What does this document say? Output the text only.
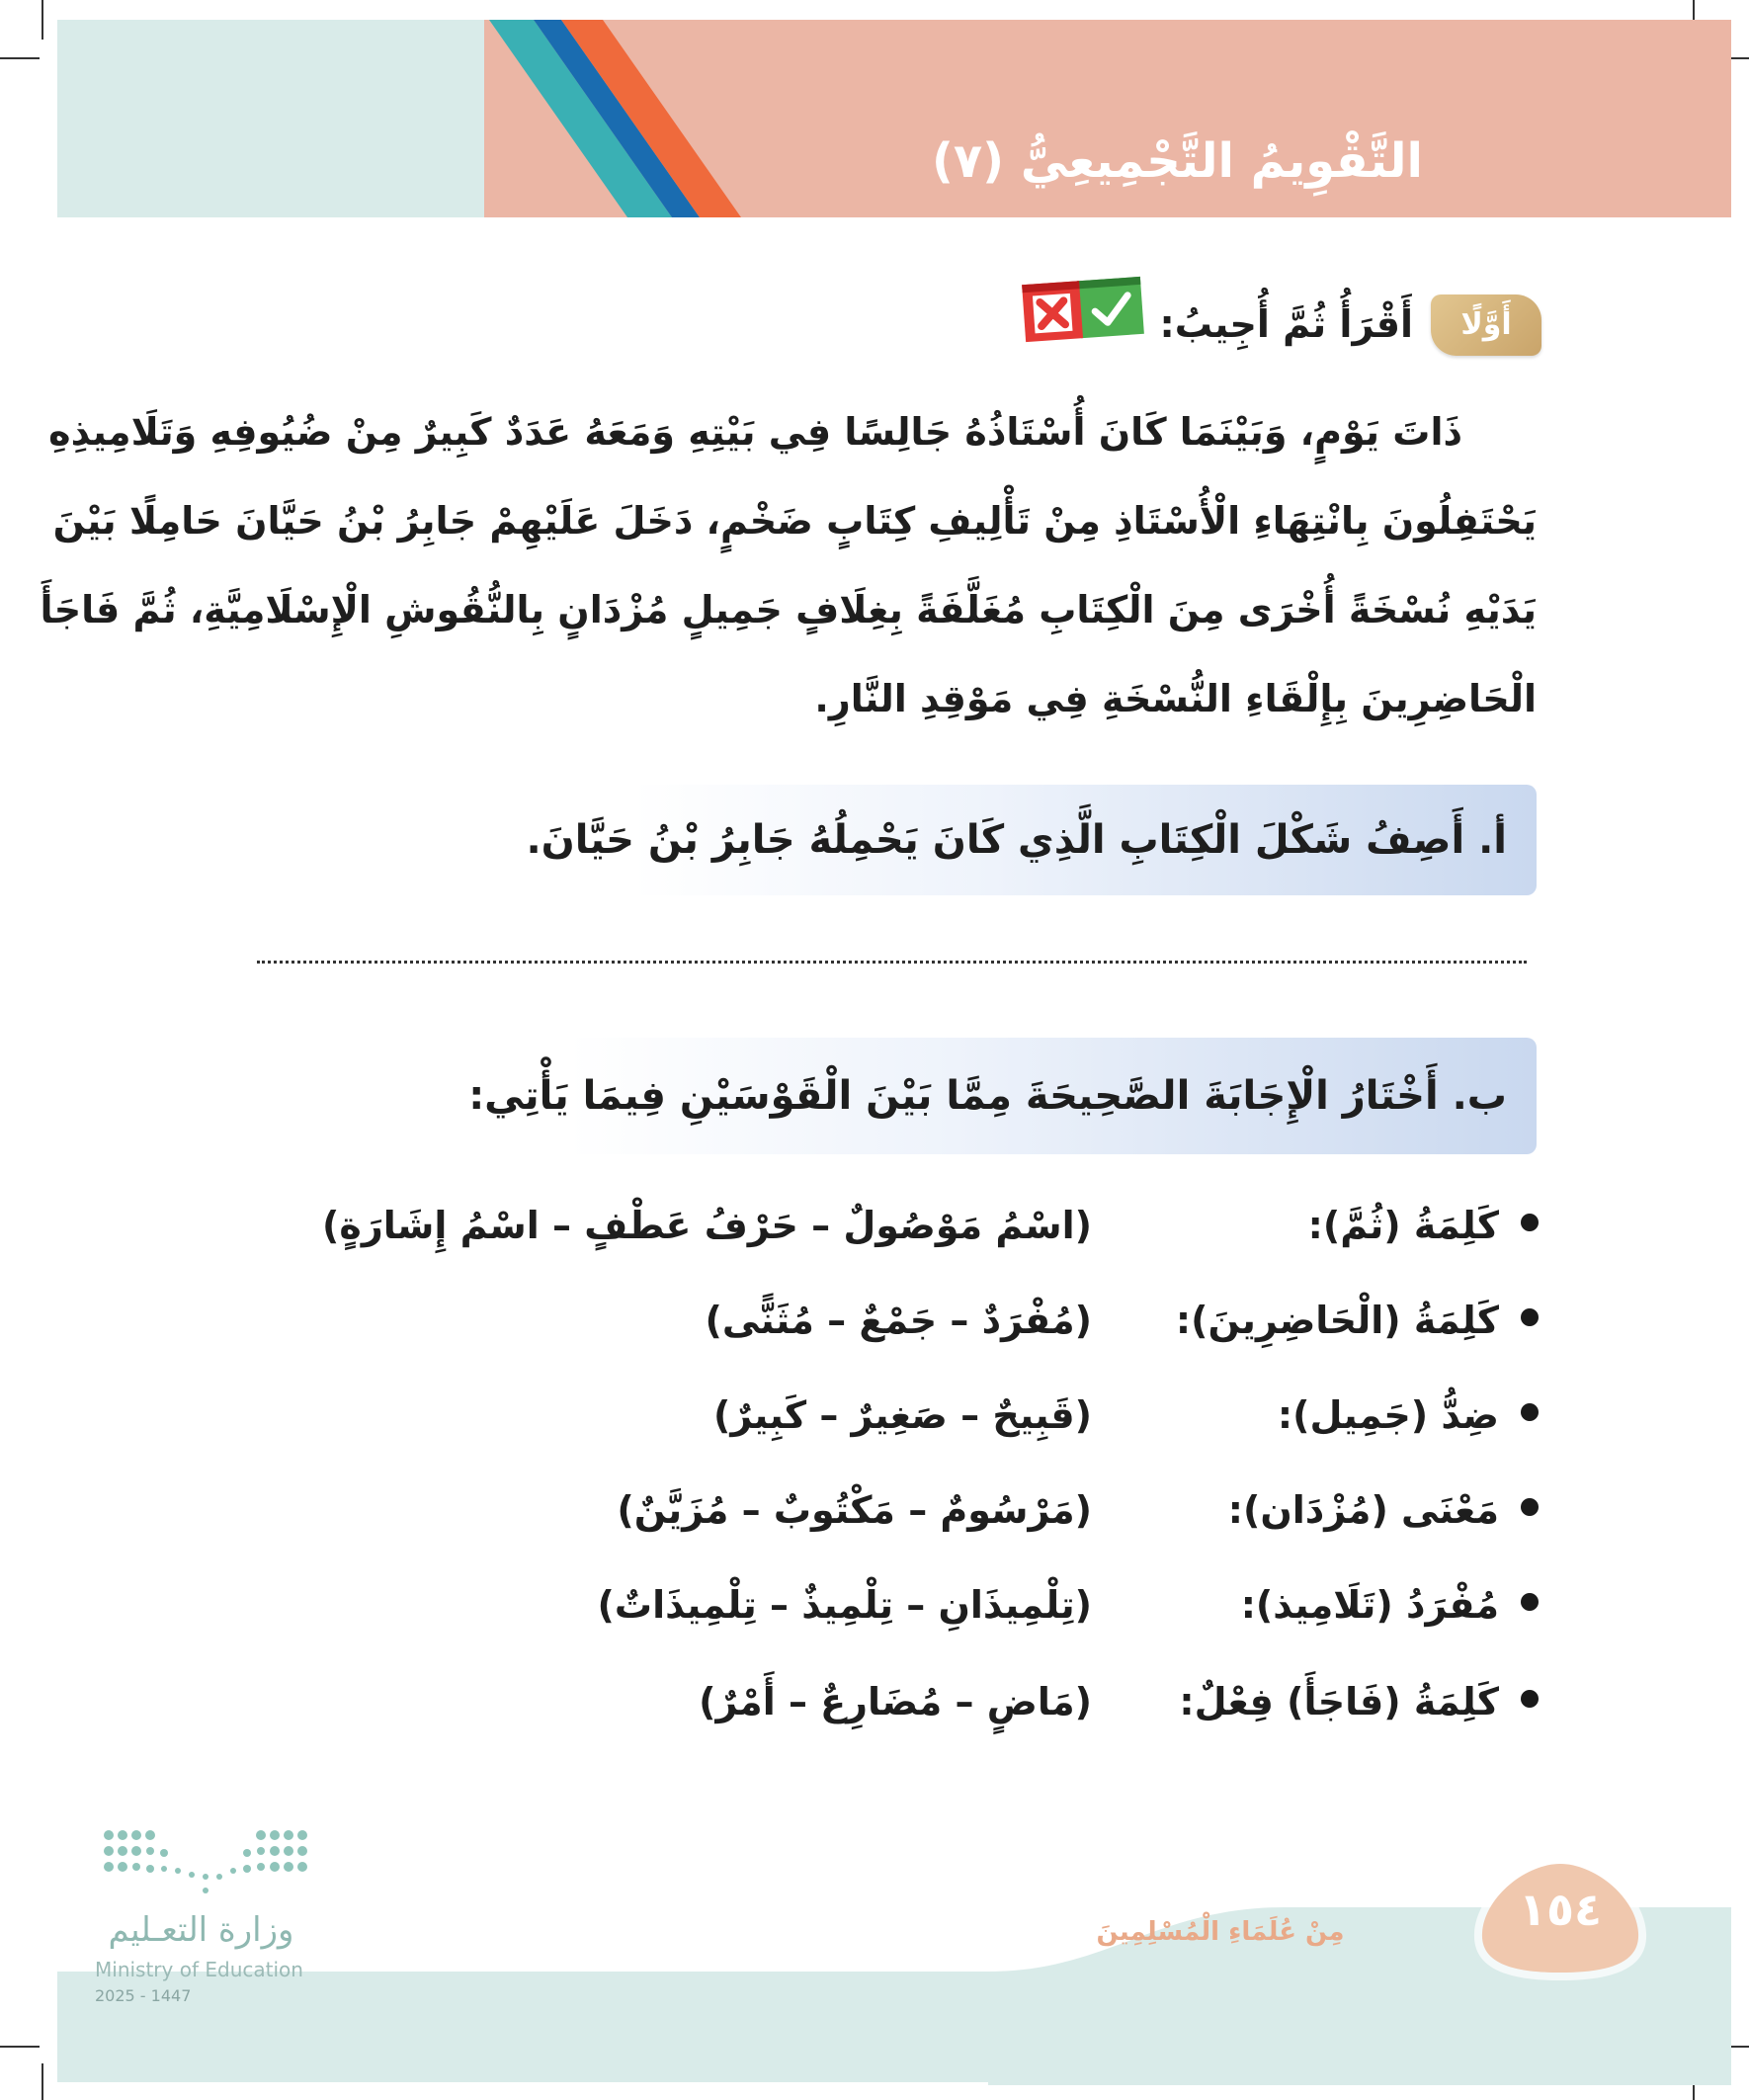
التَّقْوِيمُ التَّجْمِيعِيُّ (٧)
أَوَّلًا
أَقْرَأُ ثُمَّ أُجِيبُ:
ذَاتَ يَوْمٍ، وَبَيْنَمَا كَانَ أُسْتَاذُهُ جَالِسًا فِي بَيْتِهِ وَمَعَهُ عَدَدٌ كَبِيرٌ مِنْ ضُيُوفِهِ وَتَلَامِيذِهِ
يَحْتَفِلُونَ بِانْتِهَاءِ الْأُسْتَاذِ مِنْ تَأْلِيفِ كِتَابٍ ضَخْمٍ، دَخَلَ عَلَيْهِمْ جَابِرُ بْنُ حَيَّانَ حَامِلًا بَيْنَ
يَدَيْهِ نُسْخَةً أُخْرَى مِنَ الْكِتَابِ مُغَلَّفَةً بِغِلَافٍ جَمِيلٍ مُزْدَانٍ بِالنُّقُوشِ الْإِسْلَامِيَّةِ، ثُمَّ فَاجَأَ
الْحَاضِرِينَ بِإِلْقَاءِ النُّسْخَةِ فِي مَوْقِدِ النَّارِ.
أ. أَصِفُ شَكْلَ الْكِتَابِ الَّذِي كَانَ يَحْمِلُهُ جَابِرُ بْنُ حَيَّانَ.
ب. أَخْتَارُ الْإِجَابَةَ الصَّحِيحَةَ مِمَّا بَيْنَ الْقَوْسَيْنِ فِيمَا يَأْتِي:
كَلِمَةُ (ثُمَّ):
(اسْمُ مَوْصُولٌ – حَرْفُ عَطْفٍ – اسْمُ إِشَارَةٍ)
كَلِمَةُ (الْحَاضِرِينَ):
(مُفْرَدٌ – جَمْعٌ – مُثَنًّى)
ضِدُّ (جَمِيل):
(قَبِيحٌ – صَغِيرٌ – كَبِيرٌ)
مَعْنَى (مُزْدَان):
(مَرْسُومٌ – مَكْتُوبٌ – مُزَيَّنٌ)
مُفْرَدُ (تَلَامِيذ):
(تِلْمِيذَانِ – تِلْمِيذٌ – تِلْمِيذَاتٌ)
كَلِمَةُ (فَاجَأَ) فِعْلٌ:
(مَاضٍ – مُضَارِعٌ – أَمْرٌ)

١٥٤

مِنْ عُلَمَاءِ الْمُسْلِمِينَ

وزارة التعـليم

Ministry of Education

2025 - 1447
